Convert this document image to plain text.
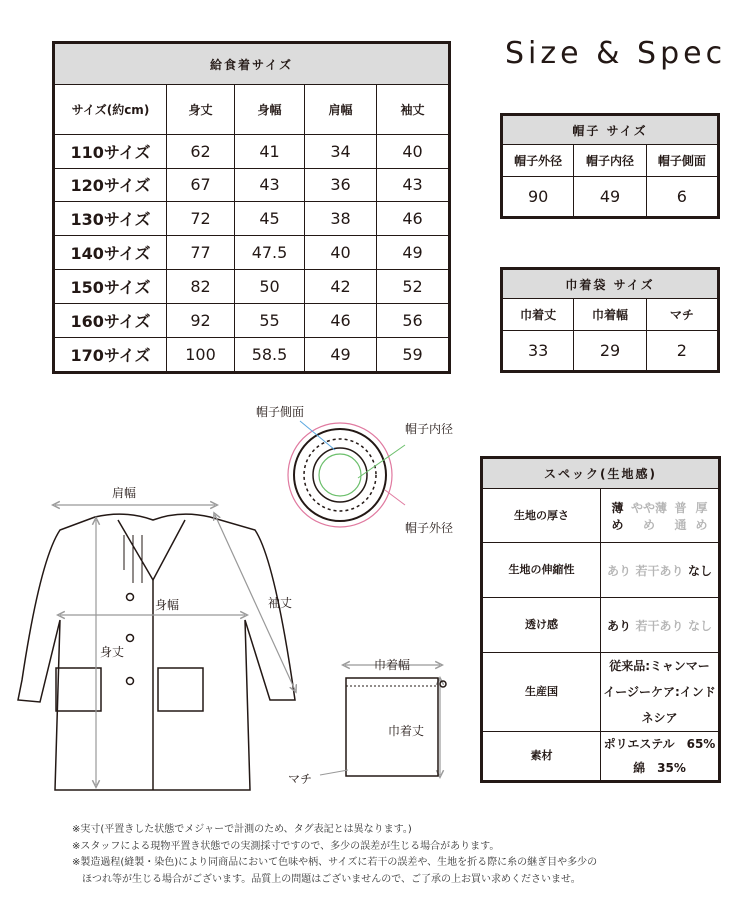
Size & Spec
給食着サイズ				
サイズ(約cm)	身丈	身幅	肩幅	袖丈
110サイズ	62	41	34	40
120サイズ	67	43	36	43
130サイズ	72	45	38	46
140サイズ	77	47.5	40	49
150サイズ	82	50	42	52
160サイズ	92	55	46	56
170サイズ	100	58.5	49	59
帽子 サイズ		
帽子外径	帽子内径	帽子側面
90	49	6
巾着袋 サイズ		
巾着丈	巾着幅	マチ
33	29	2
スペック(生地感)	
生地の厚さ	薄め
やや薄め
普通
厚め

生地の伸縮性	あり 若干あり なし

透け感	あり 若干あり なし

生産国	従来品:ミャンマー
イージーケア:インドネシア

素材	ポリエステル　65%
綿　35%
肩幅
身幅
身丈
袖丈
帽子側面
帽子内径
帽子外径
巾着幅
巾着丈
マチ
※実寸(平置きした状態でメジャーで計測のため、タグ表記とは異なります。)
※スタッフによる現物平置き状態での実測採寸ですので、多少の誤差が生じる場合があります。
※製造過程(縫製・染色)により同商品において色味や柄、サイズに若干の誤差や、生地を折る際に糸の継ぎ目や多少の
　ほつれ等が生じる場合がございます。品質上の問題はございませんので、ご了承の上お買い求めくださいませ。
